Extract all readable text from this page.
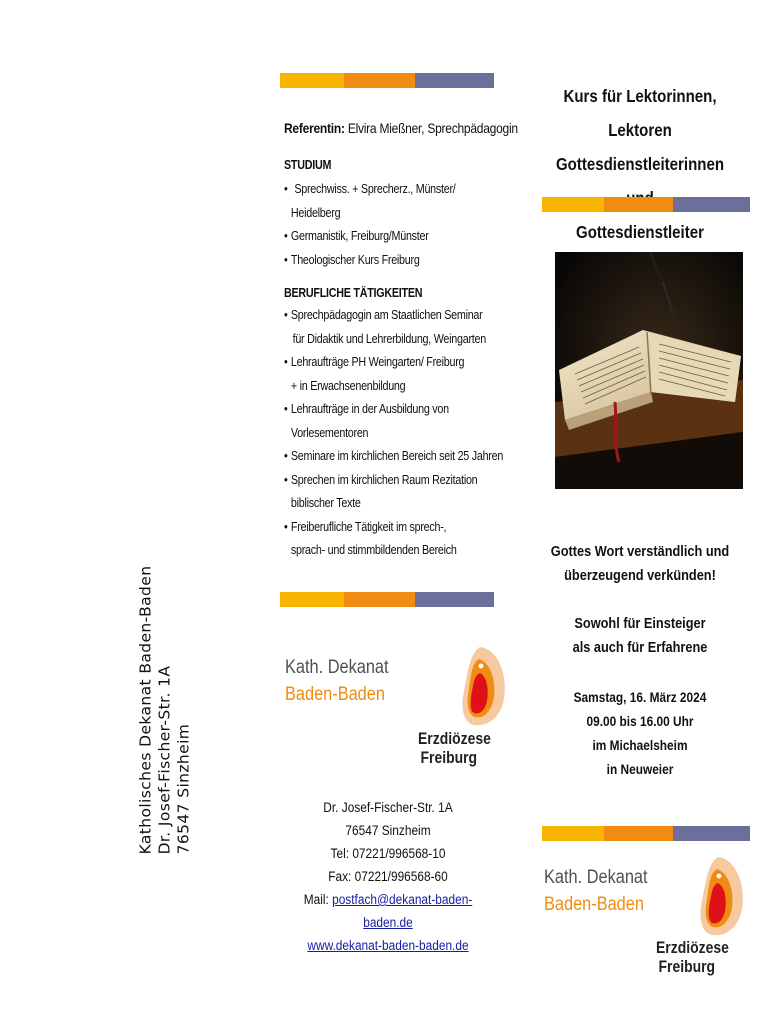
Katholisches Dekanat Baden-Baden Dr. Josef-Fischer-Str. 1A 76547 Sinzheim
Referentin: Elvira Mießner, Sprechpädagogin
STUDIUM
• Sprechwiss. + Sprecherz., Münster/
Heidelberg
• Germanistik, Freiburg/Münster
• Theologischer Kurs Freiburg
BERUFLICHE TÄTIGKEITEN
• Sprechpädagogin am Staatlichen Seminar
für Didaktik und Lehrerbildung, Weingarten
• Lehraufträge PH Weingarten/ Freiburg
+ in Erwachsenenbildung
• Lehraufträge in der Ausbildung von
Vorlesementoren
• Seminare im kirchlichen Bereich seit 25 Jahren
• Sprechen im kirchlichen Raum Rezitation
biblischer Texte
• Freiberufliche Tätigkeit im sprech-,
sprach- und stimmbildenden Bereich
Kath. Dekanat
Baden-Baden
Erzdiözese
Freiburg
Dr. Josef-Fischer-Str. 1A
76547 Sinzheim
Tel: 07221/996568-10
Fax: 07221/996568-60
Mail: postfach@dekanat-baden-baden.de
www.dekanat-baden-baden.de
Kurs für Lektorinnen, Lektoren
Gottesdienstleiterinnen
Gottesdienstleiter
Gottes Wort verständlich und
überzeugend verkünden!
Sowohl für Einsteiger
als auch für Erfahrene
Samstag, 16. März 2024
09.00 bis 16.00 Uhr
im Michaelsheim
in Neuweier
Kath. Dekanat
Baden-Baden
Erzdiözese
Freiburg
